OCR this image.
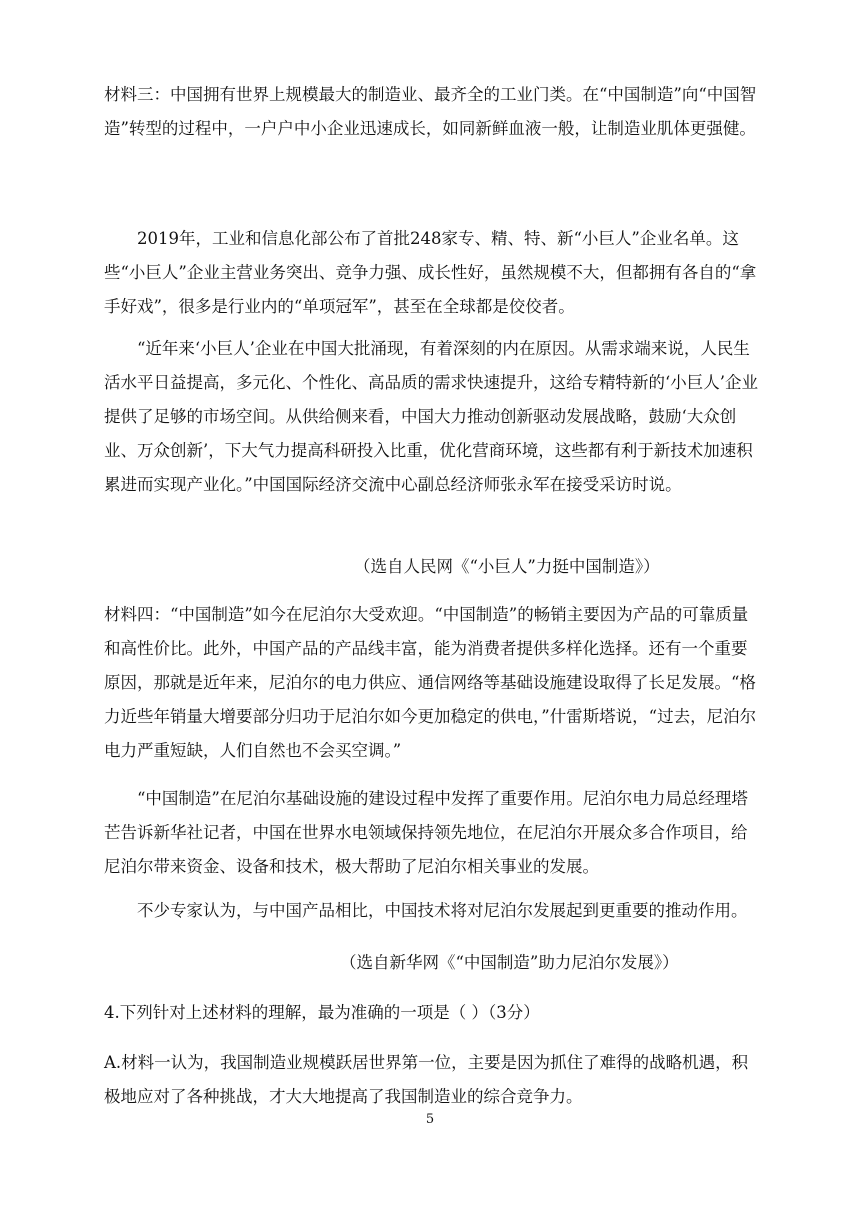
材料三：中国拥有世界上规模最大的制造业、最齐全的工业门类。在“中国制造”向“中国智造”转型的过程中，一户户中小企业迅速成长，如同新鲜血液一般，让制造业肌体更强健。

2019年，工业和信息化部公布了首批248家专、精、特、新“小巨人”企业名单。这些“小巨人”企业主营业务突出、竞争力强、成长性好，虽然规模不大，但都拥有各自的“拿手好戏”，很多是行业内的“单项冠军”，甚至在全球都是佼佼者。

“近年来‘小巨人’企业在中国大批涌现，有着深刻的内在原因。从需求端来说，人民生活水平日益提高，多元化、个性化、高品质的需求快速提升，这给专精特新的‘小巨人’企业提供了足够的市场空间。从供给侧来看，中国大力推动创新驱动发展战略，鼓励‘大众创业、万众创新’，下大气力提高科研投入比重，优化营商环境，这些都有利于新技术加速积累进而实现产业化。”中国国际经济交流中心副总经济师张永军在接受采访时说。

（选自人民网《“小巨人”力挺中国制造》）

材料四：“中国制造”如今在尼泊尔大受欢迎。“中国制造”的畅销主要因为产品的可靠质量和高性价比。此外，中国产品的产品线丰富，能为消费者提供多样化选择。还有一个重要原因，那就是近年来，尼泊尔的电力供应、通信网络等基础设施建设取得了长足发展。“格力近些年销量大增要部分归功于尼泊尔如今更加稳定的供电，”什雷斯塔说，“过去，尼泊尔电力严重短缺，人们自然也不会买空调。”

“中国制造”在尼泊尔基础设施的建设过程中发挥了重要作用。尼泊尔电力局总经理塔芒告诉新华社记者，中国在世界水电领域保持领先地位，在尼泊尔开展众多合作项目，给尼泊尔带来资金、设备和技术，极大帮助了尼泊尔相关事业的发展。

不少专家认为，与中国产品相比，中国技术将对尼泊尔发展起到更重要的推动作用。

（选自新华网《“中国制造”助力尼泊尔发展》）

4.下列针对上述材料的理解，最为准确的一项是（ ）（3分）

A.材料一认为，我国制造业规模跃居世界第一位，主要是因为抓住了难得的战略机遇，积极地应对了各种挑战，才大大地提高了我国制造业的综合竞争力。

5
